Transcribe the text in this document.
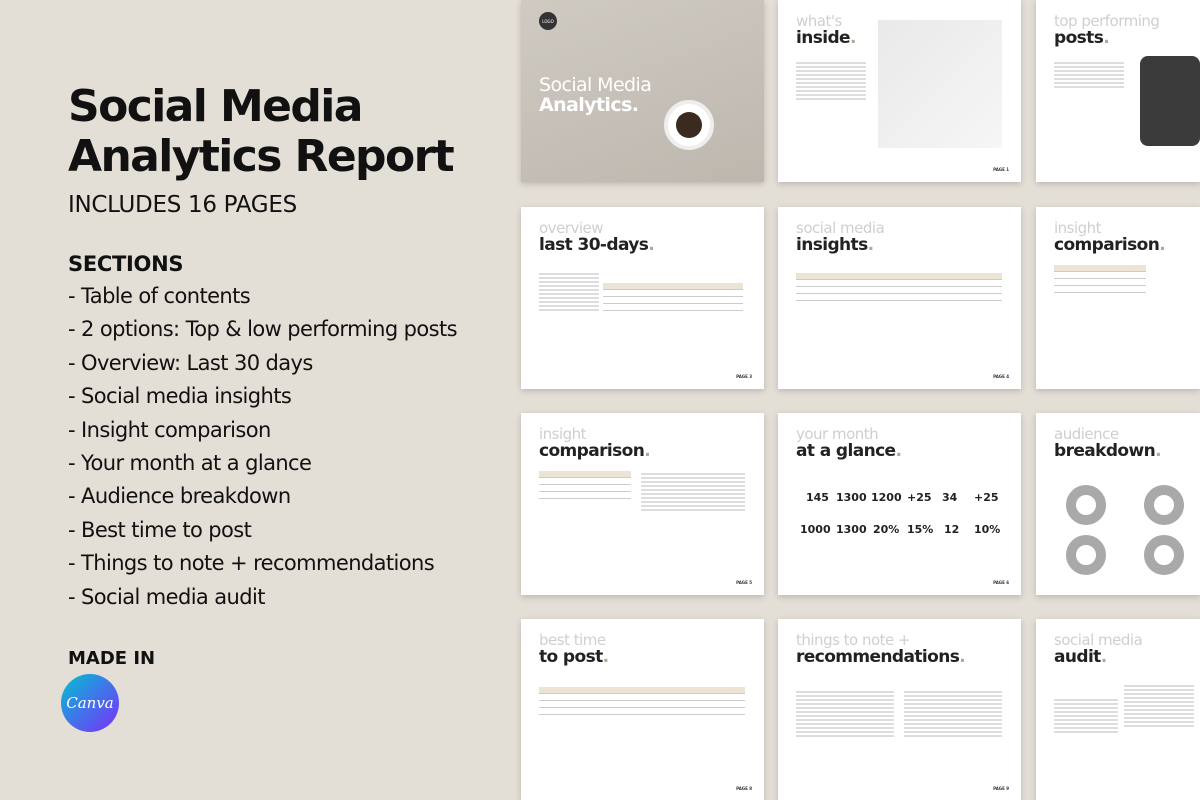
Social Media
Analytics Report
INCLUDES 16 PAGES
SECTIONS
- Table of contents
- 2 options: Top & low performing posts
- Overview: Last 30 days
- Social media insights
- Insight comparison
- Your month at a glance
- Audience breakdown
- Best time to post
- Things to note + recommendations
- Social media audit
MADE IN
Canva
LOGO
Social Media
Analytics.
what's
inside .
PAGE 1
top performing
posts .
overview
last 30-days .

PAGE 3
social media
insights .

PAGE 4
insight
comparison .

insight
comparison .

PAGE 5
your month
at a glance .
145 1300 1200 +25 34 +25
1000 1300 20% 15% 12 10%
PAGE 6
audience
breakdown .
best time
to post .

PAGE 8
things to note +
recommendations .
PAGE 9
social media
audit .
